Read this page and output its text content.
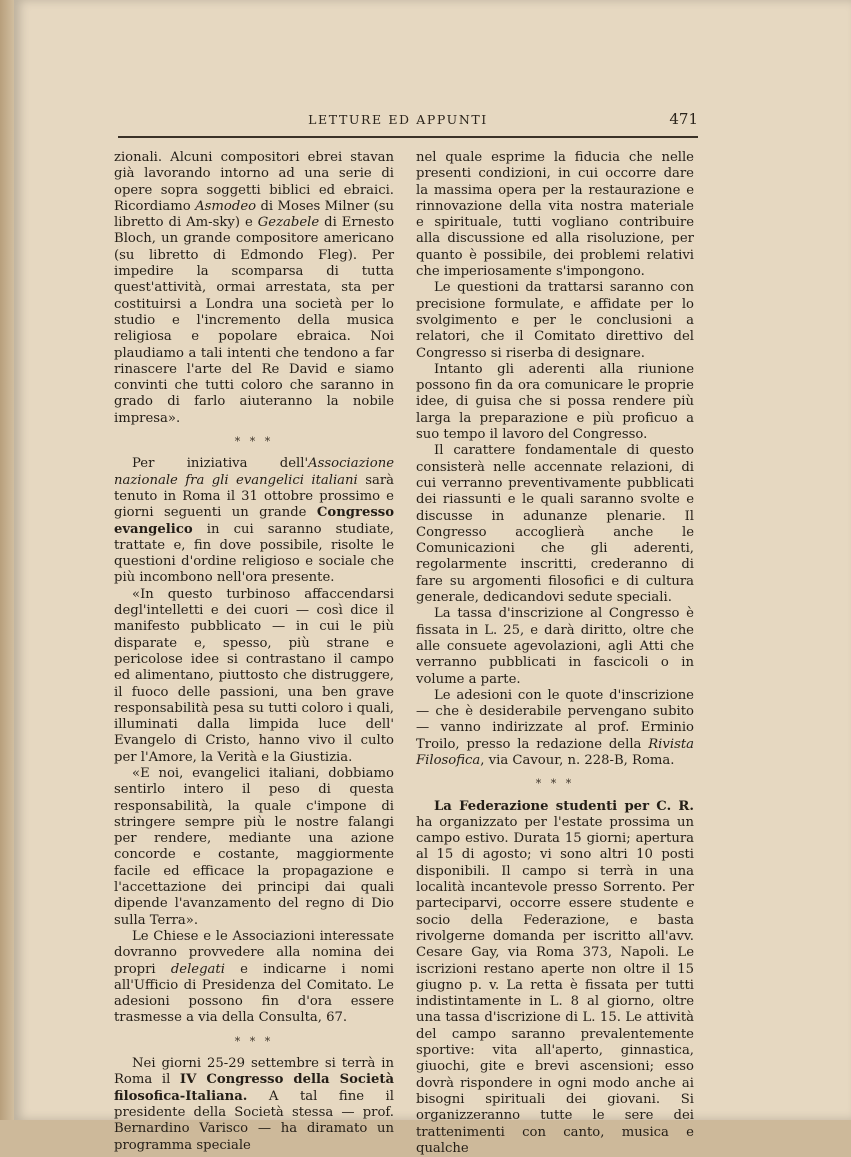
LETTURE ED APPUNTI	471

zionali. Alcuni compositori ebrei stavan già lavorando intorno ad una serie di opere sopra soggetti biblici ed ebraici. Ricordiamo Asmodeo di Moses Milner (su libretto di Am-sky) e Gezabele di Ernesto Bloch, un grande compositore americano (su libretto di Edmondo Fleg). Per impedire la scomparsa di tutta quest'attività, ormai arrestata, sta per costituirsi a Londra una società per lo studio e l'incremento della musica religiosa e popolare ebraica. Noi plaudiamo a tali intenti che tendono a far rinascere l'arte del Re David e siamo convinti che tutti coloro che saranno in grado di farlo aiuteranno la nobile impresa».

* * *

Per iniziativa dell'Associazione nazionale fra gli evangelici italiani sarà tenuto in Roma il 31 ottobre prossimo e giorni seguenti un grande Congresso evangelico in cui saranno studiate, trattate e, fin dove possibile, risolte le questioni d'ordine religioso e sociale che più incombono nell'ora presente.

«In questo turbinoso affaccendarsi degl'intelletti e dei cuori — così dice il manifesto pubblicato — in cui le più disparate e, spesso, più strane e pericolose idee si contrastano il campo ed alimentano, piuttosto che distruggere, il fuoco delle passioni, una ben grave responsabilità pesa su tutti coloro i quali, illuminati dalla limpida luce dell' Evangelo di Cristo, hanno vivo il culto per l'Amore, la Verità e la Giustizia.

«E noi, evangelici italiani, dobbiamo sentirlo intero il peso di questa responsabilità, la quale c'impone di stringere sempre più le nostre falangi per rendere, mediante una azione concorde e costante, maggiormente facile ed efficace la propagazione e l'accettazione dei principi dai quali dipende l'avanzamento del regno di Dio sulla Terra».

Le Chiese e le Associazioni interessate dovranno provvedere alla nomina dei propri delegati e indicarne i nomi all'Ufficio di Presidenza del Comitato. Le adesioni possono fin d'ora essere trasmesse a via della Consulta, 67.

* * *

Nei giorni 25-29 settembre si terrà in Roma il IV Congresso della Società filosofica-Italiana. A tal fine il presidente della Società stessa — prof. Bernardino Varisco — ha diramato un programma speciale

nel quale esprime la fiducia che nelle presenti condizioni, in cui occorre dare la massima opera per la restaurazione e rinnovazione della vita nostra materiale e spirituale, tutti vogliano contribuire alla discussione ed alla risoluzione, per quanto è possibile, dei problemi relativi che imperiosamente s'impongono.

Le questioni da trattarsi saranno con precisione formulate, e affidate per lo svolgimento e per le conclusioni a relatori, che il Comitato direttivo del Congresso si riserba di designare.

Intanto gli aderenti alla riunione possono fin da ora comunicare le proprie idee, di guisa che si possa rendere più larga la preparazione e più proficuo a suo tempo il lavoro del Congresso.

Il carattere fondamentale di questo consisterà nelle accennate relazioni, di cui verranno preventivamente pubblicati dei riassunti e le quali saranno svolte e discusse in adunanze plenarie. Il Congresso accoglierà anche le Comunicazioni che gli aderenti, regolarmente inscritti, crederanno di fare su argomenti filosofici e di cultura generale, dedicandovi sedute speciali.

La tassa d'inscrizione al Congresso è fissata in L. 25, e darà diritto, oltre che alle consuete agevolazioni, agli Atti che verranno pubblicati in fascicoli o in volume a parte.

Le adesioni con le quote d'inscrizione — che è desiderabile pervengano subito — vanno indirizzate al prof. Erminio Troilo, presso la redazione della Rivista Filosofica, via Cavour, n. 228-B, Roma.

* * *

La Federazione studenti per C. R. ha organizzato per l'estate prossima un campo estivo. Durata 15 giorni; apertura al 15 di agosto; vi sono altri 10 posti disponibili. Il campo si terrà in una località incantevole presso Sorrento. Per parteciparvi, occorre essere studente e socio della Federazione, e basta rivolgerne domanda per iscritto all'avv. Cesare Gay, via Roma 373, Napoli. Le iscrizioni restano aperte non oltre il 15 giugno p. v. La retta è fissata per tutti indistintamente in L. 8 al giorno, oltre una tassa d'iscrizione di L. 15. Le attività del campo saranno prevalentemente sportive: vita all'aperto, ginnastica, giuochi, gite e brevi ascensioni; esso dovrà rispondere in ogni modo anche ai bisogni spirituali dei giovani. Si organizzeranno tutte le sere dei trattenimenti con canto, musica e qualche
